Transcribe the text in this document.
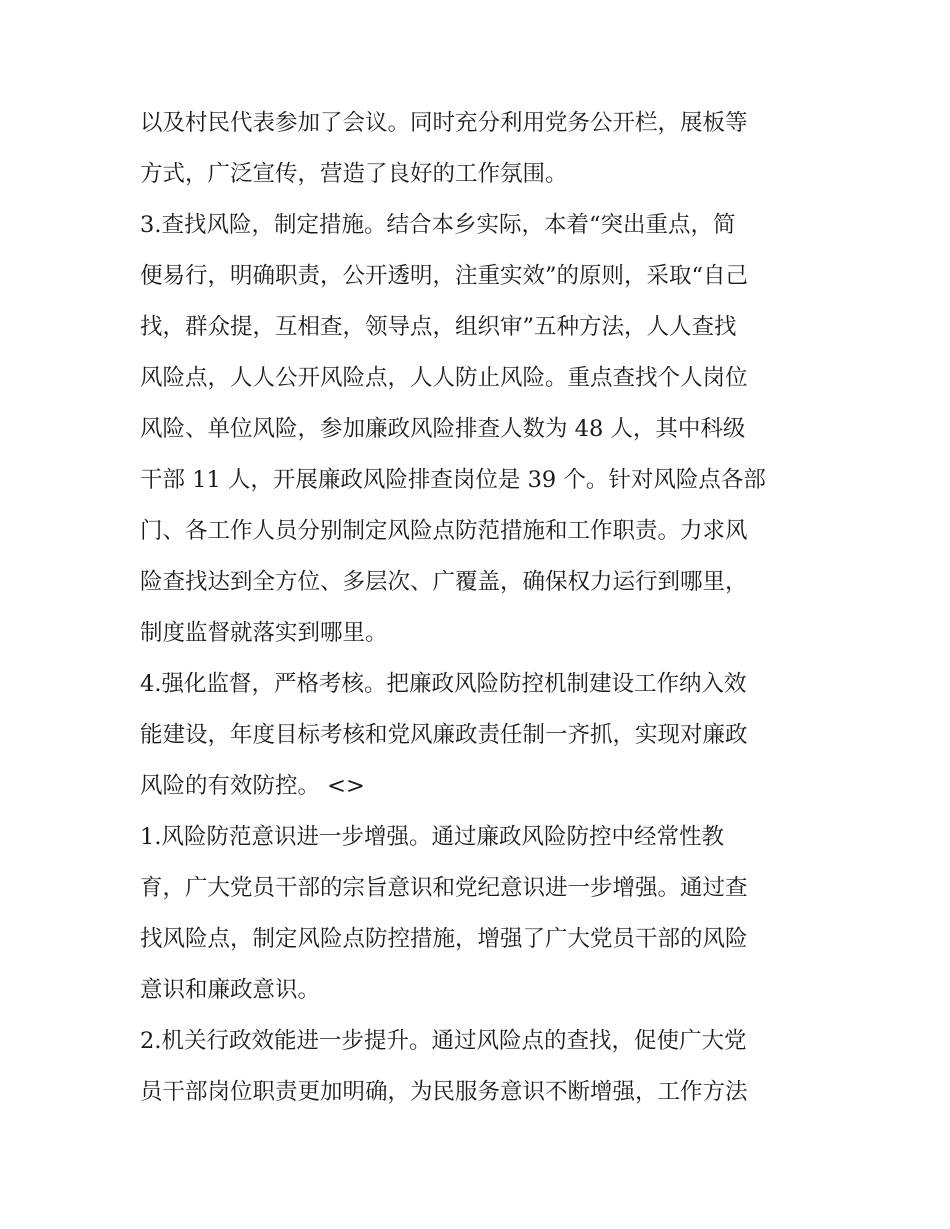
以及村民代表参加了会议。同时充分利用党务公开栏，展板等
方式，广泛宣传，营造了良好的工作氛围。
3.查找风险，制定措施。结合本乡实际，本着“突出重点，简
便易行，明确职责，公开透明，注重实效”的原则，采取“自己
找，群众提，互相查，领导点，组织审”五种方法，人人查找
风险点，人人公开风险点，人人防止风险。重点查找个人岗位
风险、单位风险，参加廉政风险排查人数为 48 人，其中科级
干部 11 人，开展廉政风险排查岗位是 39 个。针对风险点各部
门、各工作人员分别制定风险点防范措施和工作职责。力求风
险查找达到全方位、多层次、广覆盖，确保权力运行到哪里，
制度监督就落实到哪里。
4.强化监督，严格考核。把廉政风险防控机制建设工作纳入效
能建设，年度目标考核和党风廉政责任制一齐抓，实现对廉政
风险的有效防控。 <>
1.风险防范意识进一步增强。通过廉政风险防控中经常性教
育，广大党员干部的宗旨意识和党纪意识进一步增强。通过查
找风险点，制定风险点防控措施，增强了广大党员干部的风险
意识和廉政意识。
2.机关行政效能进一步提升。通过风险点的查找，促使广大党
员干部岗位职责更加明确，为民服务意识不断增强，工作方法
